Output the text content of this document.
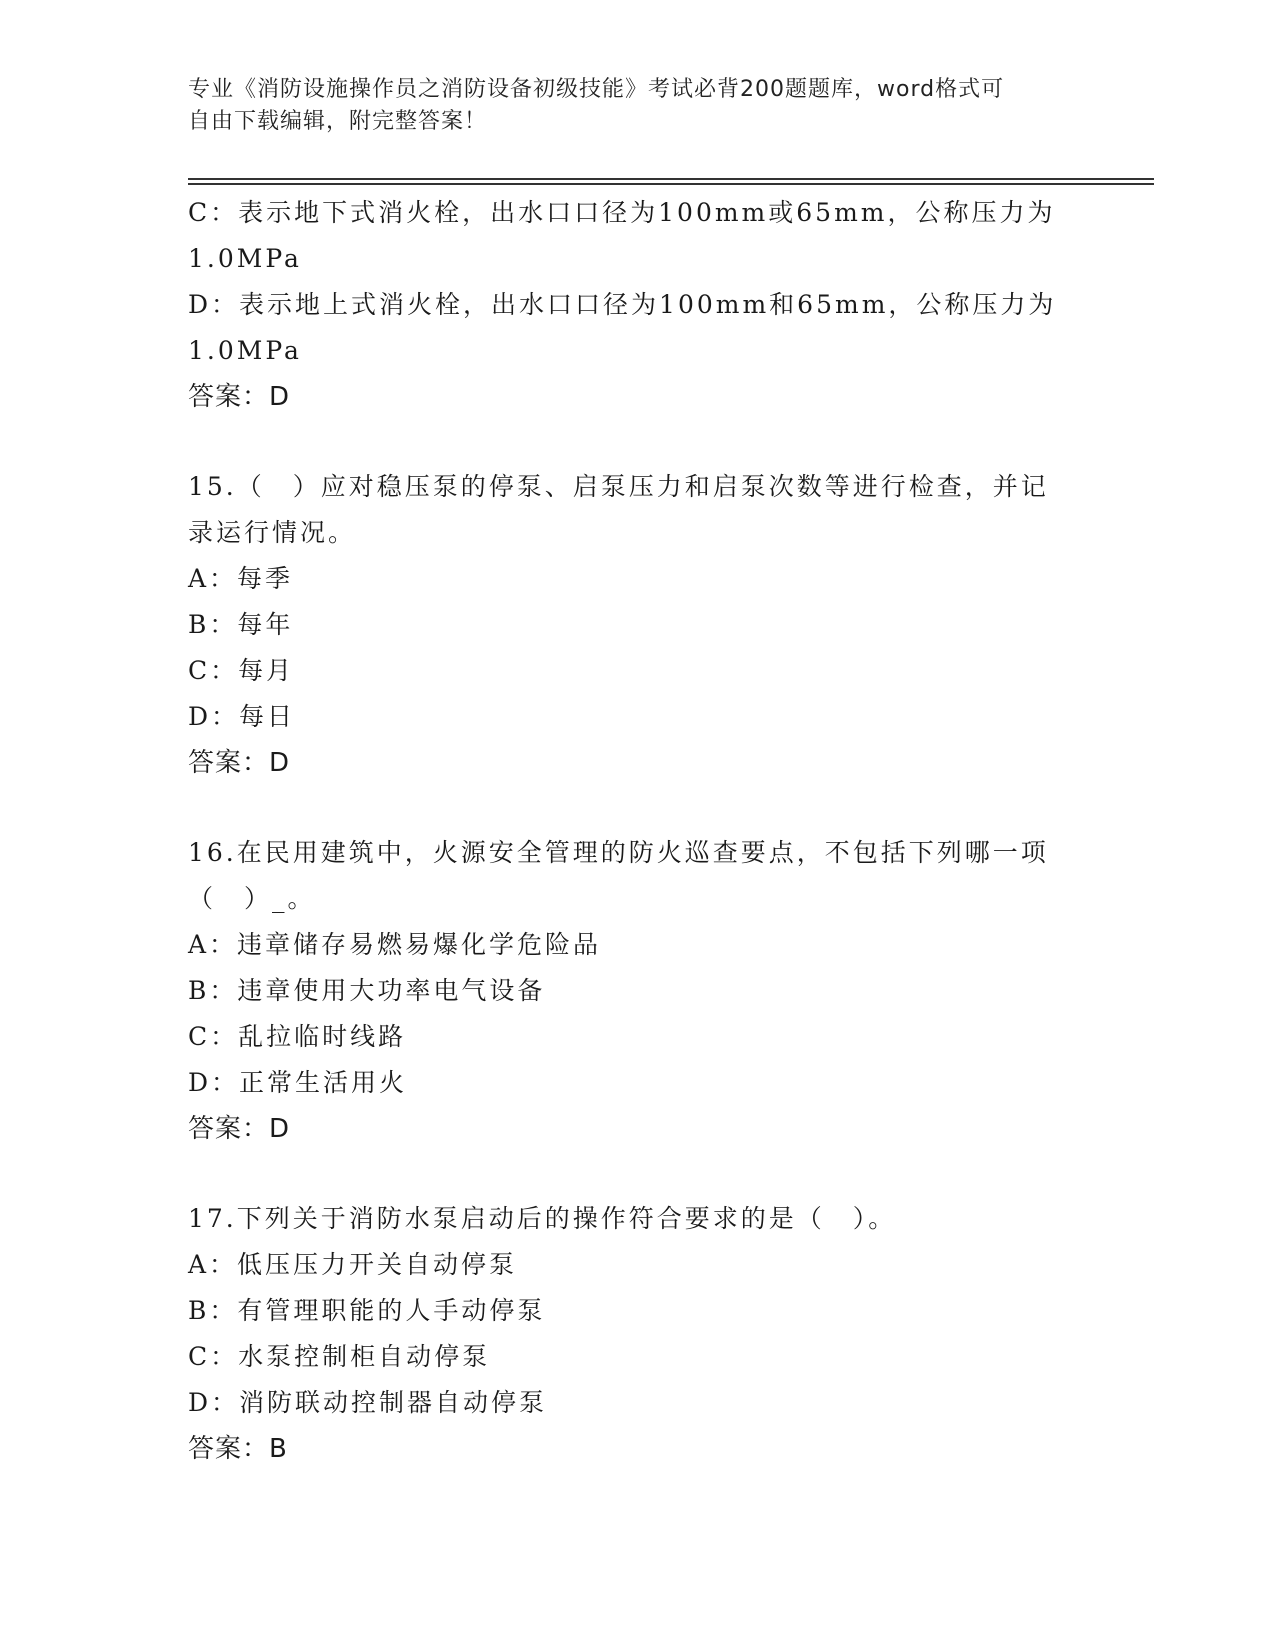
专业《消防设施操作员之消防设备初级技能》考试必背200题题库，word格式可
自由下载编辑，附完整答案！
C：表示地下式消火栓，出水口口径为100mm或65mm，公称压力为
1.0MPa
D：表示地上式消火栓，出水口口径为100mm和65mm，公称压力为
1.0MPa
答案：D
15.（　）应对稳压泵的停泵、启泵压力和启泵次数等进行检查，并记
录运行情况。
A：每季
B：每年
C：每月
D：每日
答案：D
16.在民用建筑中，火源安全管理的防火巡查要点，不包括下列哪一项
（　）_。
A：违章储存易燃易爆化学危险品
B：违章使用大功率电气设备
C：乱拉临时线路
D：正常生活用火
答案：D
17.下列关于消防水泵启动后的操作符合要求的是（　）。
A：低压压力开关自动停泵
B：有管理职能的人手动停泵
C：水泵控制柜自动停泵
D：消防联动控制器自动停泵
答案：B
